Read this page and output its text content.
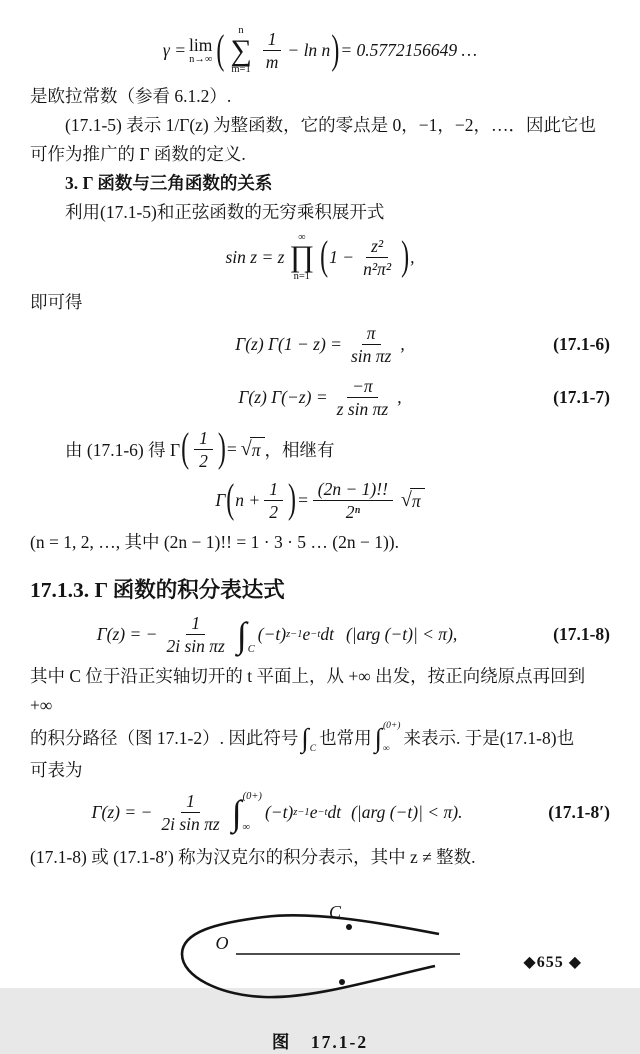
γ = lim
n→∞ ( n
∑
$m=1 \frac{1}{m} - \ln n$ ) = 0.5772156649 …
是欧拉常数（参看 6.1.2）.
(17.1-5) 表示 1/Γ(z) 为整函数，它的零点是 0，−1，−2，…．因此它也
可作为推广的 Γ 函数的定义.
3. Γ 函数与三角函数的关系
利用(17.1-5)和正弦函数的无穷乘积展开式
sin z = z
∞
∏
n=1 ( $1 - \frac{\text{z²}}{\text{n²π²}}$ ) ,
即可得
Γ(z) $\Gamma(1 - z) = \frac{\pi}{\text{sin πz}}$ ,	(17.1-6)
Γ(z) $\Gamma(-z) = \frac{-\pi}{\text{z sin πz}}$ ,	(17.1-7)
由 (17.1-6) 得 Γ ( $\frac{1}{2}$ ) = √ π ，相继有
Γ ( $n + \frac{1}{2}$ ) = $\frac{(2n - 1)!!}{\text{2ⁿ}}$ √ π
(n = 1, 2, …, 其中 (2n − 1)!! = 1 · 3 · 5 … (2n − 1)).
17.1.3. Γ 函数的积分表达式
Γ(z) = − $\frac{1}{\text{2i sin πz}}$ ∫ C
(−t) z−1 e −t dt (|arg (−t)| < π),	(17.1-8)
其中 C 位于沿正实轴切开的 t 平面上，从 +∞ 出发，按正向绕原点再回到 +∞
的积分路径（图 17.1-2）. 因此符号 ∫ C
也常用 ∫ (0+)
∞
来表示. 于是(17.1-8)也
可表为
Γ(z) = − $\frac{1}{\text{2i sin πz}}$ ∫ (0+)
∞
(−t) z−1 e −t dt (|arg (−t)| < π).	(17.1-8′)
(17.1-8) 或 (17.1-8′) 称为汉克尔的积分表示，其中 z ≠ 整数.
O
C
图　17.1-2
◆655 ◆
